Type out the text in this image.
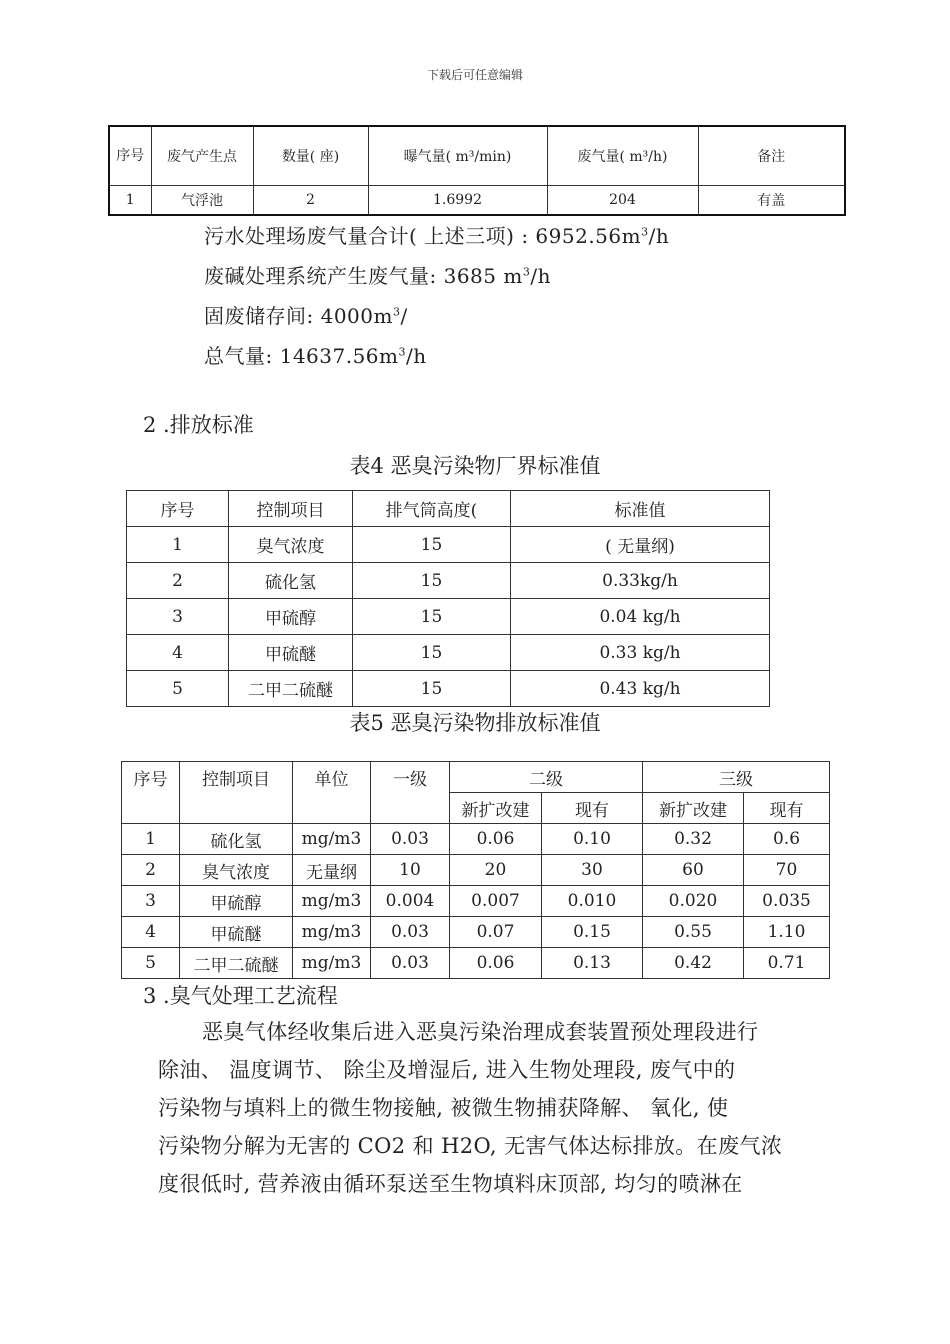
下载后可任意编辑
序号	废气产生点	数量( 座)	曝气量( m³/min)	废气量( m³/h)	备注
1	气浮池	2	1.6992	204	有盖
污水处理场废气量合计( 上述三项) : $6952.56m^3/h$
废碱处理系统产生废气量: 3685 $m^3/h$
固废储存间: $4000m^3/$
总气量: $14637.56m^3/h$
2 .排放标准
表4 恶臭污染物厂界标准值
序号	控制项目	排气筒高度(	标准值
1	臭气浓度	15	( 无量纲)
2	硫化氢	15	0.33kg/h
3	甲硫醇	15	0.04 kg/h
4	甲硫醚	15	0.33 kg/h
5	二甲二硫醚	15	0.43 kg/h
表5 恶臭污染物排放标准值
序号	控制项目	单位	一级	二级		三级	
				新扩改建	现有	新扩改建	现有
1	硫化氢	mg/m3	0.03	0.06	0.10	0.32	0.6
2	臭气浓度	无量纲	10	20	30	60	70
3	甲硫醇	mg/m3	0.004	0.007	0.010	0.020	0.035
4	甲硫醚	mg/m3	0.03	0.07	0.15	0.55	1.10
5	二甲二硫醚	mg/m3	0.03	0.06	0.13	0.42	0.71
3 .臭气处理工艺流程
恶臭气体经收集后进入恶臭污染治理成套装置预处理段进行
除油、 温度调节、 除尘及增湿后, 进入生物处理段, 废气中的
污染物与填料上的微生物接触, 被微生物捕获降解、 氧化, 使
污染物分解为无害的 CO2 和 H2O, 无害气体达标排放。在废气浓
度很低时, 营养液由循环泵送至生物填料床顶部, 均匀的喷淋在
